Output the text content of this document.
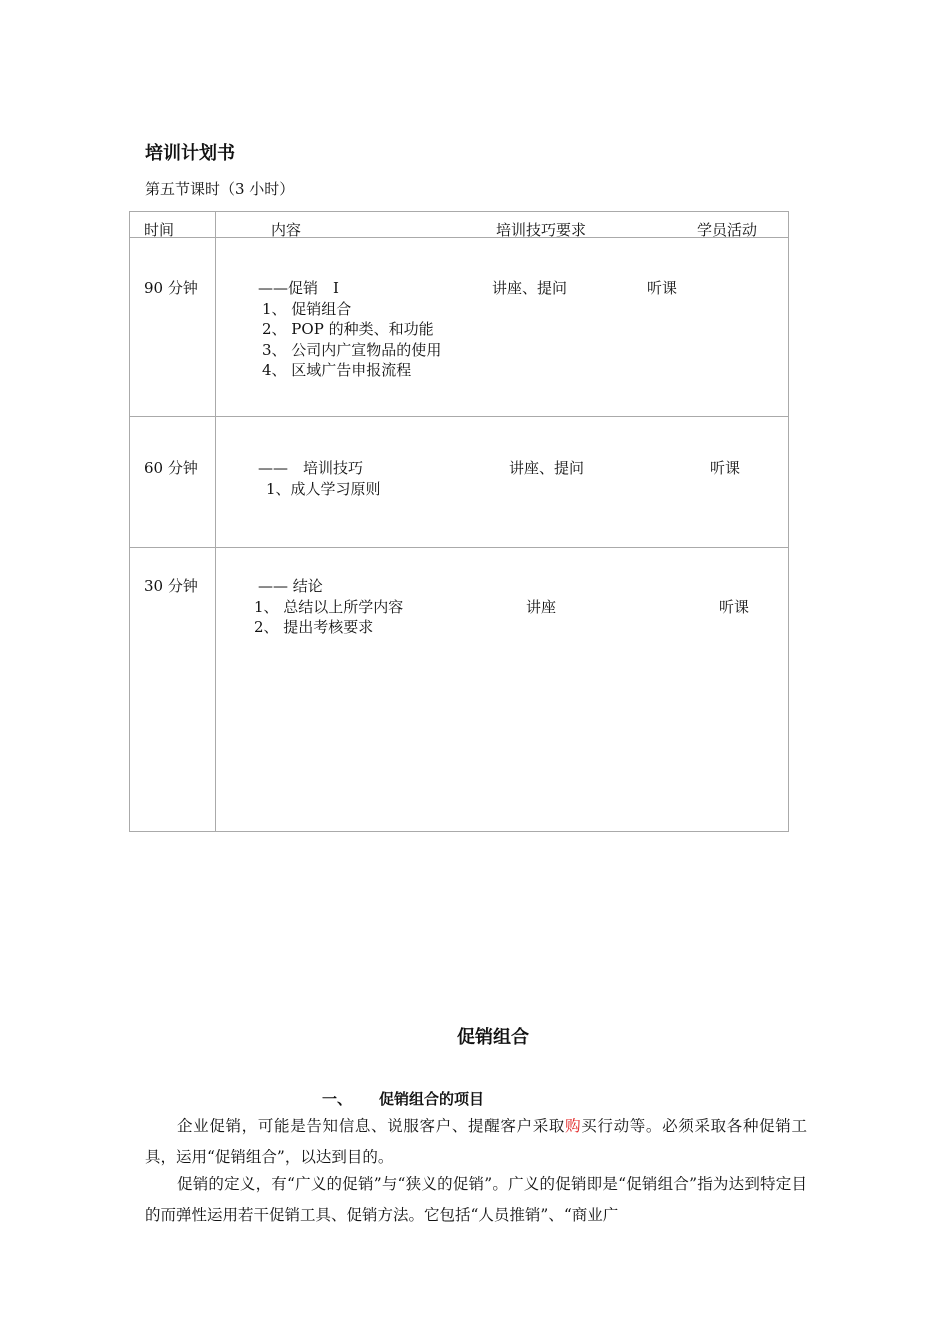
培训计划书
第五节课时（3 小时）
时间	内容	培训技巧要求	学员活动
90 分钟	——促销　Ⅰ
1、 促销组合
2、 POP 的种类、和功能
3、 公司内广宣物品的使用
4、 区域广告申报流程
讲座、提问	听课
60 分钟	——　培训技巧
1、成人学习原则
讲座、提问	听课
30 分钟	—— 结论
1、 总结以上所学内容
2、 提出考核要求
讲座	听课
促销组合
一、 促销组合的项目
企业促销，可能是告知信息、说服客户、提醒客户采取购买行动等。必须采取各种促销工具，运用“促销组合”，以达到目的。
促销的定义，有“广义的促销”与“狭义的促销”。广义的促销即是“促销组合”指为达到特定目的而弹性运用若干促销工具、促销方法。它包括“人员推销”、“商业广
